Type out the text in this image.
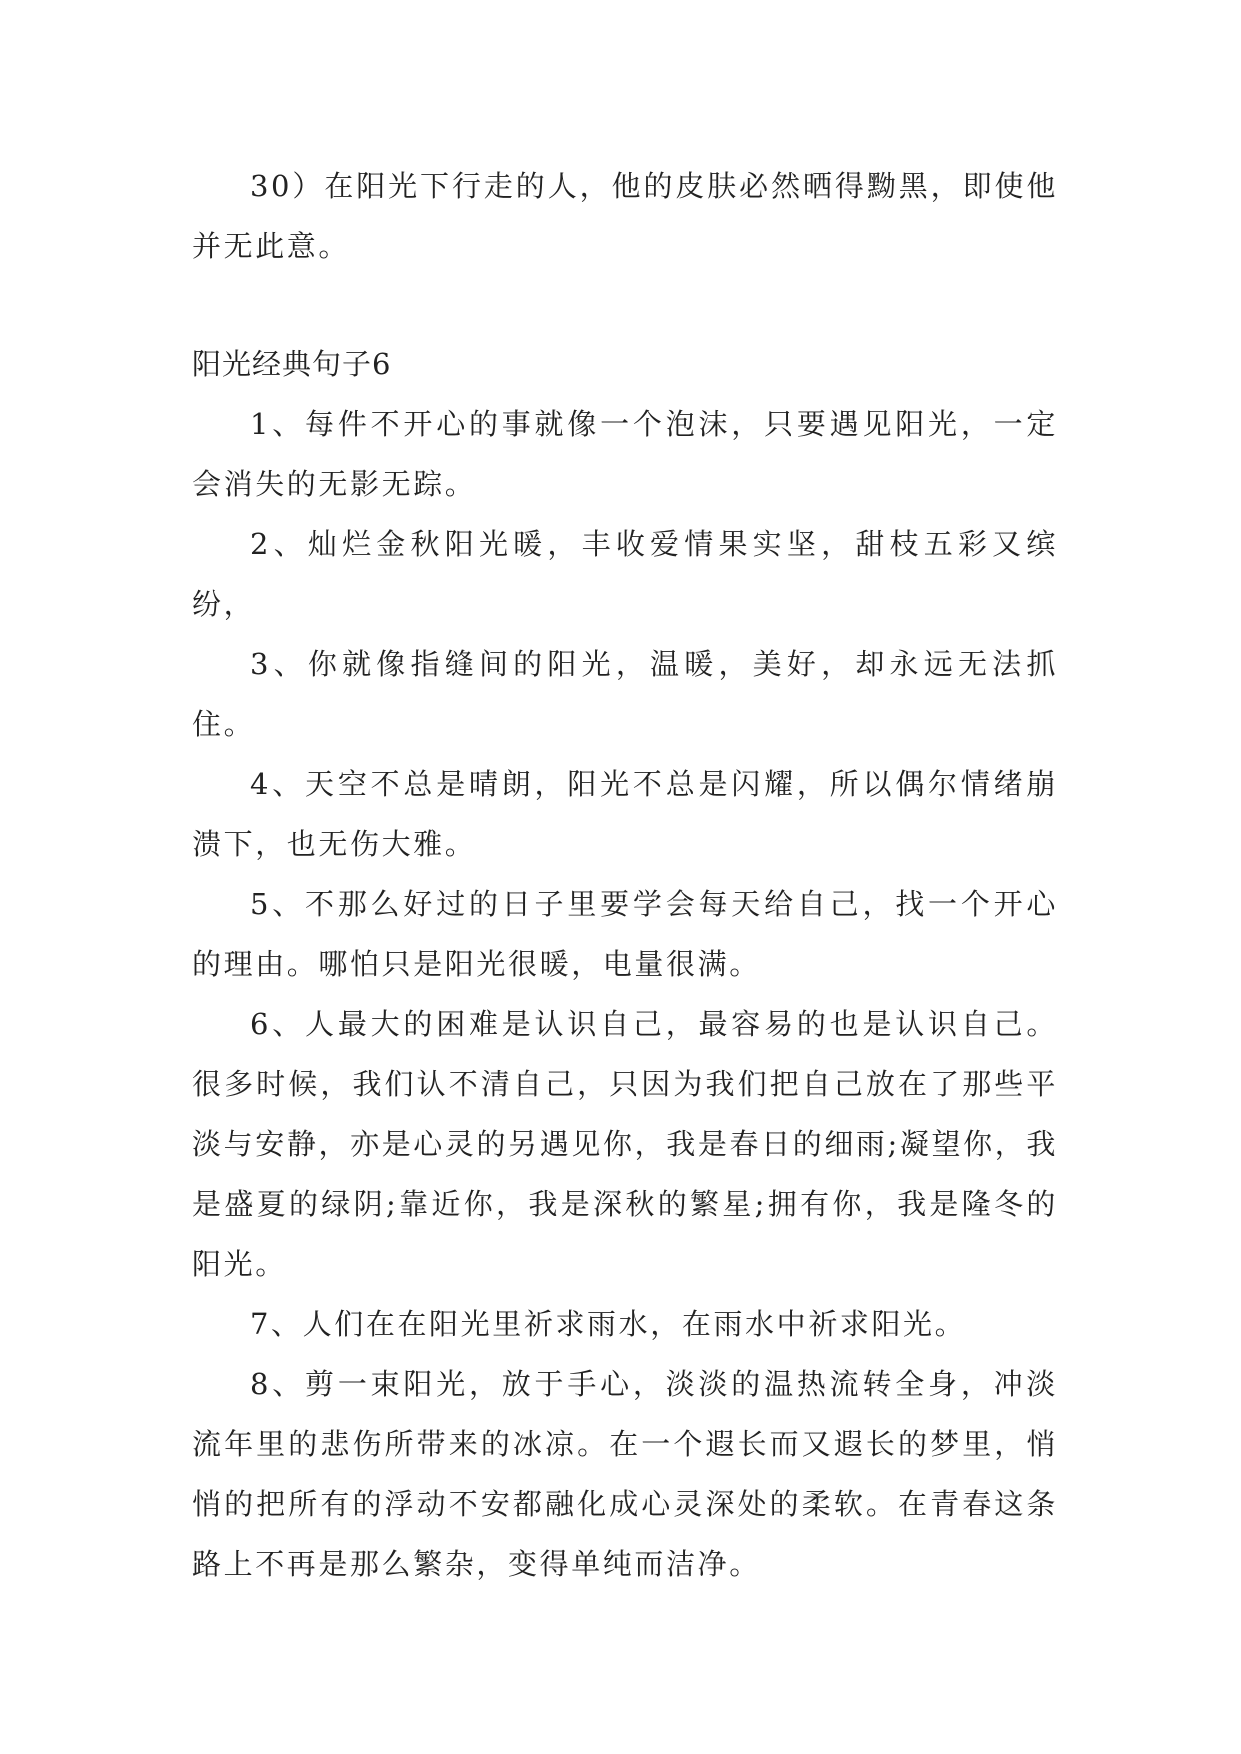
30）在阳光下行走的人，他的皮肤必然晒得黝黑，即使他并无此意。

阳光经典句子6

1、每件不开心的事就像一个泡沫，只要遇见阳光，一定会消失的无影无踪。

2、灿烂金秋阳光暖，丰收爱情果实坚，甜枝五彩又缤纷，

3、你就像指缝间的阳光，温暖，美好，却永远无法抓住。

4、天空不总是晴朗，阳光不总是闪耀，所以偶尔情绪崩溃下，也无伤大雅。

5、不那么好过的日子里要学会每天给自己，找一个开心的理由。哪怕只是阳光很暖，电量很满。

6、人最大的困难是认识自己，最容易的也是认识自己。很多时候，我们认不清自己，只因为我们把自己放在了那些平淡与安静，亦是心灵的另遇见你，我是春日的细雨;凝望你，我是盛夏的绿阴;靠近你，我是深秋的繁星;拥有你，我是隆冬的阳光。

7、人们在在阳光里祈求雨水，在雨水中祈求阳光。

8、剪一束阳光，放于手心，淡淡的温热流转全身，冲淡流年里的悲伤所带来的冰凉。在一个遐长而又遐长的梦里，悄悄的把所有的浮动不安都融化成心灵深处的柔软。在青春这条路上不再是那么繁杂，变得单纯而洁净。
